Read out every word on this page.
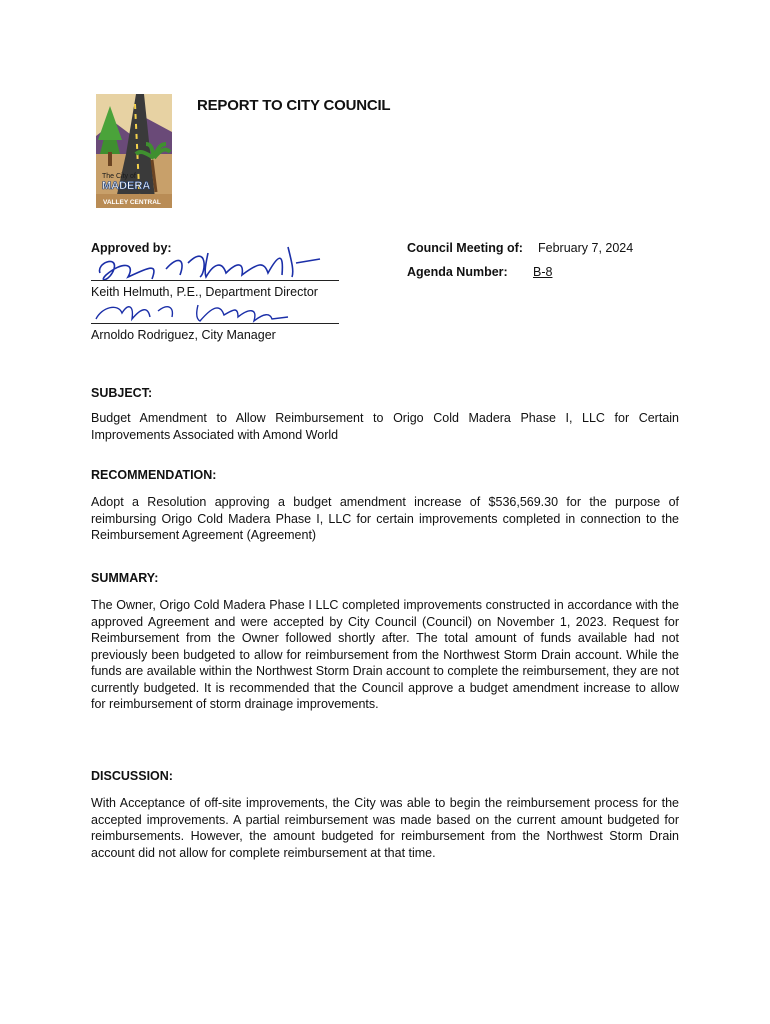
The City of
MADERA
VALLEY CENTRAL
REPORT TO CITY COUNCIL
Approved by:
Keith Helmuth, P.E., Department Director
Arnoldo Rodriguez, City Manager
Council Meeting of: February 7, 2024
Agenda Number: B-8
SUBJECT:
Budget Amendment to Allow Reimbursement to Origo Cold Madera Phase I, LLC for Certain Improvements Associated with Amond World
RECOMMENDATION:
Adopt a Resolution approving a budget amendment increase of $536,569.30 for the purpose of reimbursing Origo Cold Madera Phase I, LLC for certain improvements completed in connection to the Reimbursement Agreement (Agreement)
SUMMARY:
The Owner, Origo Cold Madera Phase I LLC completed improvements constructed in accordance with the approved Agreement and were accepted by City Council (Council) on November 1, 2023. Request for Reimbursement from the Owner followed shortly after. The total amount of funds available had not previously been budgeted to allow for reimbursement from the Northwest Storm Drain account. While the funds are available within the Northwest Storm Drain account to complete the reimbursement, they are not currently budgeted. It is recommended that the Council approve a budget amendment increase to allow for reimbursement of storm drainage improvements.
DISCUSSION:
With Acceptance of off-site improvements, the City was able to begin the reimbursement process for the accepted improvements. A partial reimbursement was made based on the current amount budgeted for reimbursements. However, the amount budgeted for reimbursement from the Northwest Storm Drain account did not allow for complete reimbursement at that time.
